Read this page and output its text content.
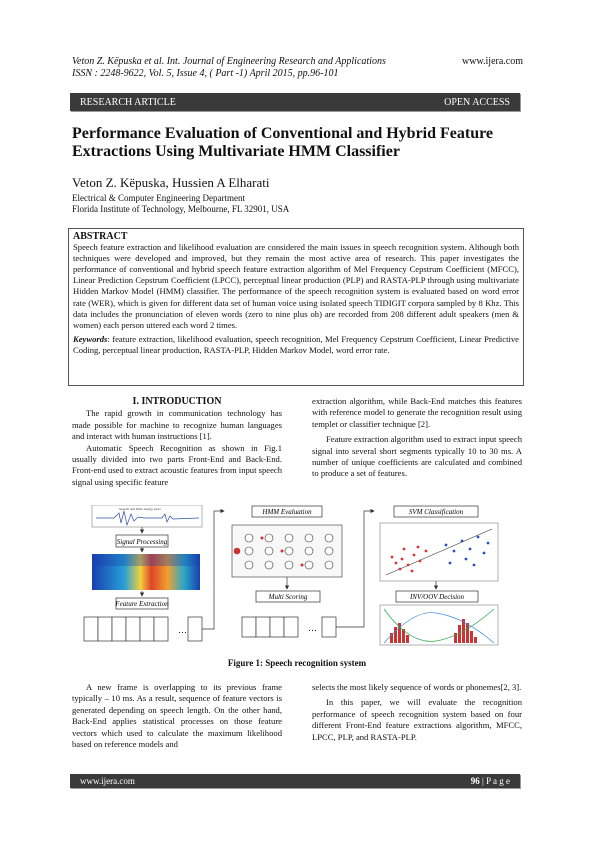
Veton Z. Këpuska et al. Int. Journal of Engineering Research and Applications
ISSN : 2248-9622, Vol. 5, Issue 4, ( Part -1) April 2015, pp.96-101
www.ijera.com
RESEARCH ARTICLE	OPEN ACCESS
Performance Evaluation of Conventional and Hybrid Feature Extractions Using Multivariate HMM Classifier
Veton Z. Këpuska, Hussien A Elharati
Electrical & Computer Engineering Department
Florida Institute of Technology, Melbourne, FL 32901, USA
ABSTRACT
Speech feature extraction and likelihood evaluation are considered the main issues in speech recognition system. Although both techniques were developed and improved, but they remain the most active area of research. This paper investigates the performance of conventional and hybrid speech feature extraction algorithm of Mel Frequency Cepstrum Coefficient (MFCC), Linear Prediction Cepstrum Coefficient (LPCC), perceptual linear production (PLP) and RASTA-PLP through using multivariate Hidden Markov Model (HMM) classifier. The performance of the speech recognition system is evaluated based on word error rate (WER), which is given for different data set of human voice using isolated speech TIDIGIT corpora sampled by 8 Khz. This data includes the pronunciation of eleven words (zero to nine plus oh) are recorded from 208 different adult speakers (men & women) each person uttered each word 2 times.
Keywords: feature extraction, likelihood evaluation, speech recognition, Mel Frequency Cepstrum Coefficient, Linear Predictive Coding, perceptual linear production, RASTA-PLP, Hidden Markov Model, word error rate.
I. INTRODUCTION

The rapid growth in communication technology has made possible for machine to recognize human languages and interact with human instructions [1].

Automatic Speech Recognition as shown in Fig.1 usually divided into two parts Front-End and Back-End. Front-end used to extract acoustic features from input speech signal using specific feature

extraction algorithm, while Back-End matches this features with reference model to generate the recognition result using templet or classifier technique [2].

Feature extraction algorithm used to extract input speech signal into several short segments typically 10 to 30 ms. A number of unique coefficients are calculated and combined to produce a set of features.

Speech and filter energy plots
Signal Processing
Feature Extraction
…
HMM Evaluation
Multi Scoring
…
SVM Classification
INV/OOV Decision
Figure 1: Speech recognition system

A new frame is overlapping to its previous frame typically – 10 ms. As a result, sequence of feature vectors is generated depending on speech length. On the other hand, Back-End applies statistical processes on those feature vectors which used to calculate the maximum likelihood based on reference models and

selects the most likely sequence of words or phonemes[2, 3].

In this paper, we will evaluate the recognition performance of speech recognition system based on four different Front-End feature extractions algorithm, MFCC, LPCC, PLP, and RASTA-PLP.

www.ijera.com	96 | P a g e
